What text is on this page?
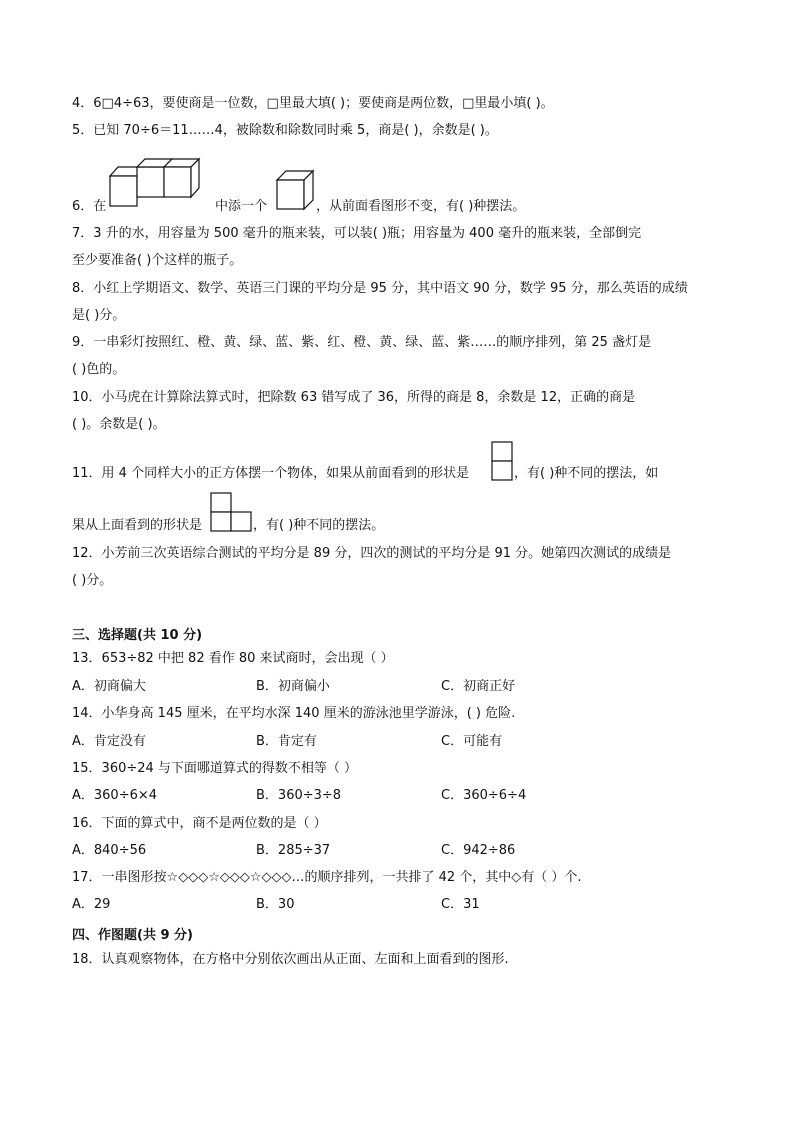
4．6□4÷63，要使商是一位数，□里最大填( )；要使商是两位数，□里最小填( )。
5．已知 70÷6＝11……4，被除数和除数同时乘 5，商是( )，余数是( )。
6．在	中添一个	，从前面看图形不变，有( )种摆法。
7．3 升的水，用容量为 500 毫升的瓶来装，可以装( )瓶；用容量为 400 毫升的瓶来装，全部倒完
至少要准备( )个这样的瓶子。
8．小红上学期语文、数学、英语三门课的平均分是 95 分，其中语文 90 分，数学 95 分，那么英语的成绩
是( )分。
9．一串彩灯按照红、橙、黄、绿、蓝、紫、红、橙、黄、绿、蓝、紫……的顺序排列，第 25 盏灯是
( )色的。
10．小马虎在计算除法算式时，把除数 63 错写成了 36，所得的商是 8，余数是 12，正确的商是
( )。余数是( )。
11．用 4 个同样大小的正方体摆一个物体，如果从前面看到的形状是	，有( )种不同的摆法，如
果从上面看到的形状是	，有( )种不同的摆法。
12．小芳前三次英语综合测试的平均分是 89 分，四次的测试的平均分是 91 分。她第四次测试的成绩是
( )分。
三、选择题(共 10 分)
13．653÷82 中把 82 看作 80 来试商时，会出现（ ）
A．初商偏大	B．初商偏小	C．初商正好
14．小华身高 145 厘米，在平均水深 140 厘米的游泳池里学游泳，( ) 危险.
A．肯定没有	B．肯定有	C．可能有
15．360÷24 与下面哪道算式的得数不相等（ ）
A．360÷6×4	B．360÷3÷8	C．360÷6÷4
16．下面的算式中，商不是两位数的是（ ）
A．840÷56	B．285÷37	C．942÷86
17．一串图形按☆◇◇◇☆◇◇◇☆◇◇◇…的顺序排列，一共排了 42 个，其中◇有（ ）个.
A．29	B．30	C．31
四、作图题(共 9 分)
18．认真观察物体，在方格中分别依次画出从正面、左面和上面看到的图形.
